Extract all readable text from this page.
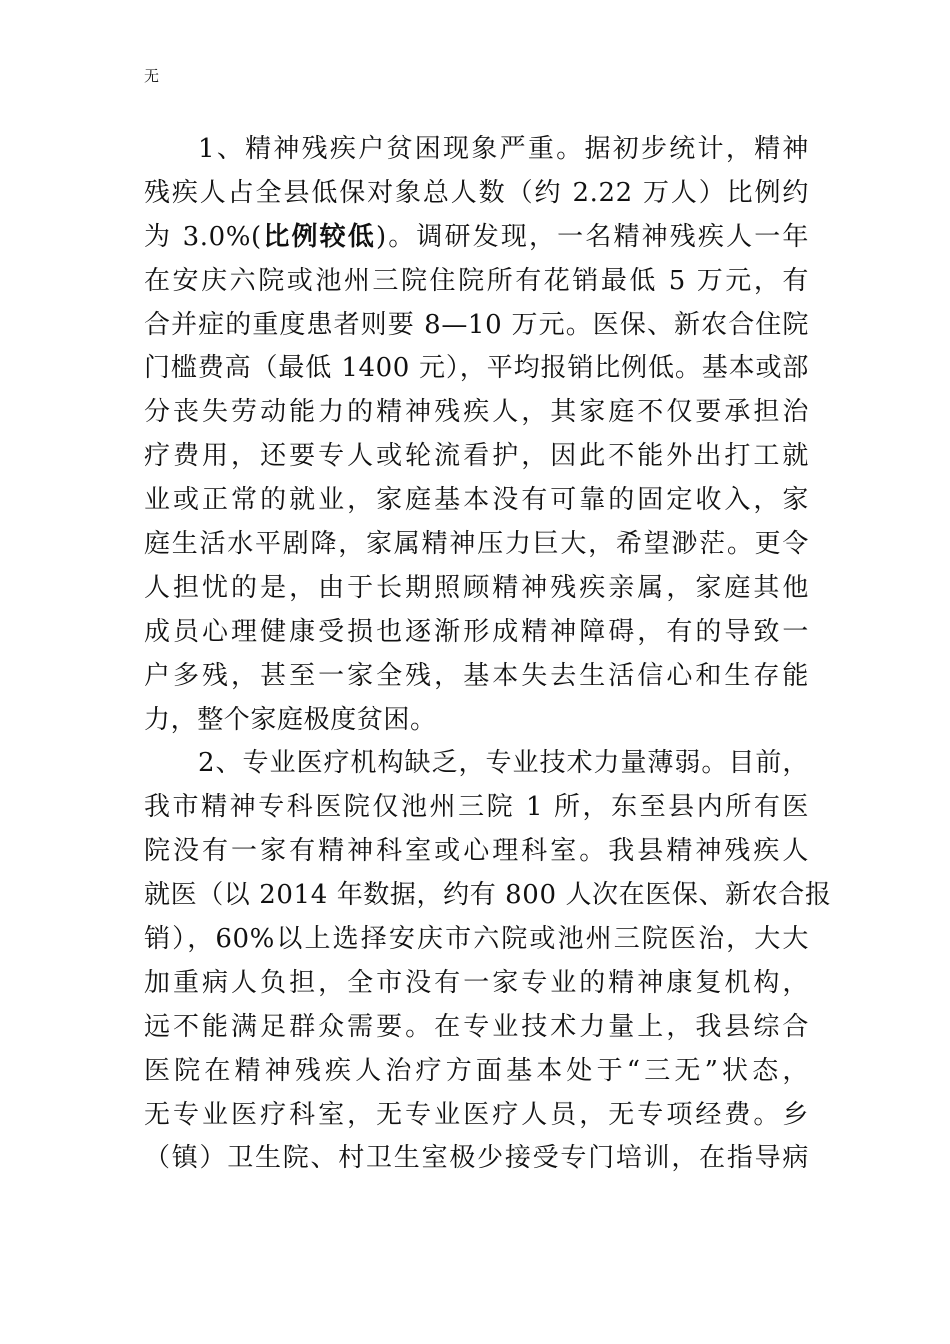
无
1、精神残疾户贫困现象严重。据初步统计，精神
残疾人占全县低保对象总人数（约 2.22 万人）比例约
为 3.0%(比例较低)。调研发现，一名精神残疾人一年
在安庆六院或池州三院住院所有花销最低 5 万元，有
合并症的重度患者则要 8—10 万元。医保、新农合住院
门槛费高（最低 1400 元），平均报销比例低。基本或部
分丧失劳动能力的精神残疾人，其家庭不仅要承担治
疗费用，还要专人或轮流看护，因此不能外出打工就
业或正常的就业，家庭基本没有可靠的固定收入，家
庭生活水平剧降，家属精神压力巨大，希望渺茫。更令
人担忧的是，由于长期照顾精神残疾亲属，家庭其他
成员心理健康受损也逐渐形成精神障碍，有的导致一
户多残，甚至一家全残，基本失去生活信心和生存能
力，整个家庭极度贫困。
2、专业医疗机构缺乏，专业技术力量薄弱。目前，
我市精神专科医院仅池州三院 1 所，东至县内所有医
院没有一家有精神科室或心理科室。我县精神残疾人
就医（以 2014 年数据，约有 800 人次在医保、新农合报
销），60%以上选择安庆市六院或池州三院医治，大大
加重病人负担，全市没有一家专业的精神康复机构，
远不能满足群众需要。在专业技术力量上，我县综合
医院在精神残疾人治疗方面基本处于“三无”状态，
无专业医疗科室，无专业医疗人员，无专项经费。乡
（镇）卫生院、村卫生室极少接受专门培训，在指导病
